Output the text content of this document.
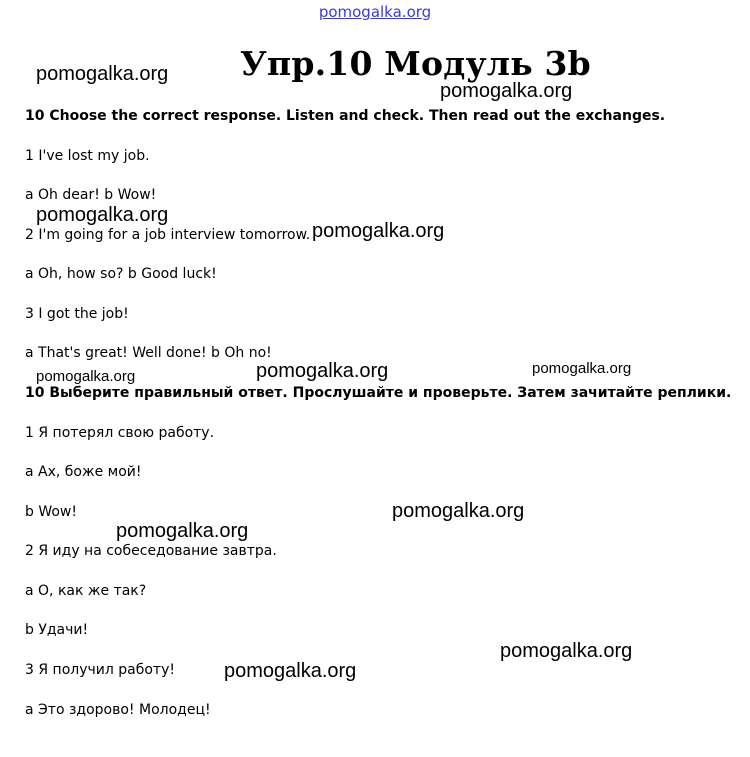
pomogalka.org
Упр.10 Модуль 3b
10 Choose the correct response. Listen and check. Then read out the exchanges.
1 I've lost my job.
a Oh dear! b Wow!
2 I'm going for a job interview tomorrow.
a Oh, how so? b Good luck!
3 I got the job!
a That's great! Well done! b Oh no!
10 Выберите правильный ответ. Прослушайте и проверьте. Затем зачитайте реплики.
1 Я потерял свою работу.
a Ах, боже мой!
b Wow!
2 Я иду на собеседование завтра.
a О, как же так?
b Удачи!
3 Я получил работу!
a Это здорово! Молодец!
pomogalka.org
pomogalka.org
pomogalka.org
pomogalka.org
pomogalka.org
pomogalka.org	pomogalka.org
pomogalka.org
pomogalka.org
pomogalka.org
pomogalka.org
